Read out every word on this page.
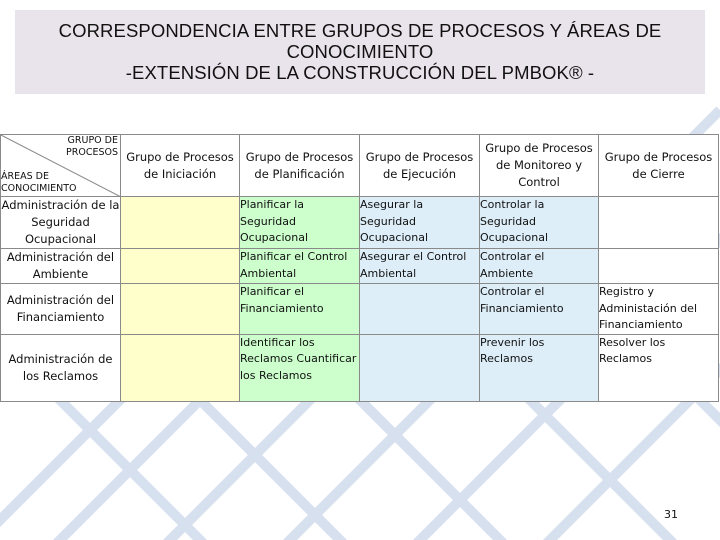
CORRESPONDENCIA ENTRE GRUPOS DE PROCESOS Y ÁREAS DE
CONOCIMIENTO
-EXTENSIÓN DE LA CONSTRUCCIÓN DEL PMBOK® -
GRUPO DE
PROCESOS
ÁREAS DE
CONOCIMIENTO	Grupo de Procesos de Iniciación	Grupo de Procesos de Planificación	Grupo de Procesos de Ejecución	Grupo de Procesos de Monitoreo y Control	Grupo de Procesos de Cierre
Administración de la Seguridad Ocupacional		Planificar la Seguridad Ocupacional	Asegurar la Seguridad Ocupacional	Controlar la Seguridad Ocupacional	
Administración del Ambiente		Planificar el Control Ambiental	Asegurar el Control Ambiental	Controlar el Ambiente	
Administración del Financiamiento		Planificar el Financiamiento		Controlar el Financiamiento	Registro y Administación del Financiamiento
Administración de los Reclamos		Identificar los Reclamos Cuantificar los Reclamos		Prevenir los Reclamos	Resolver los Reclamos
31
